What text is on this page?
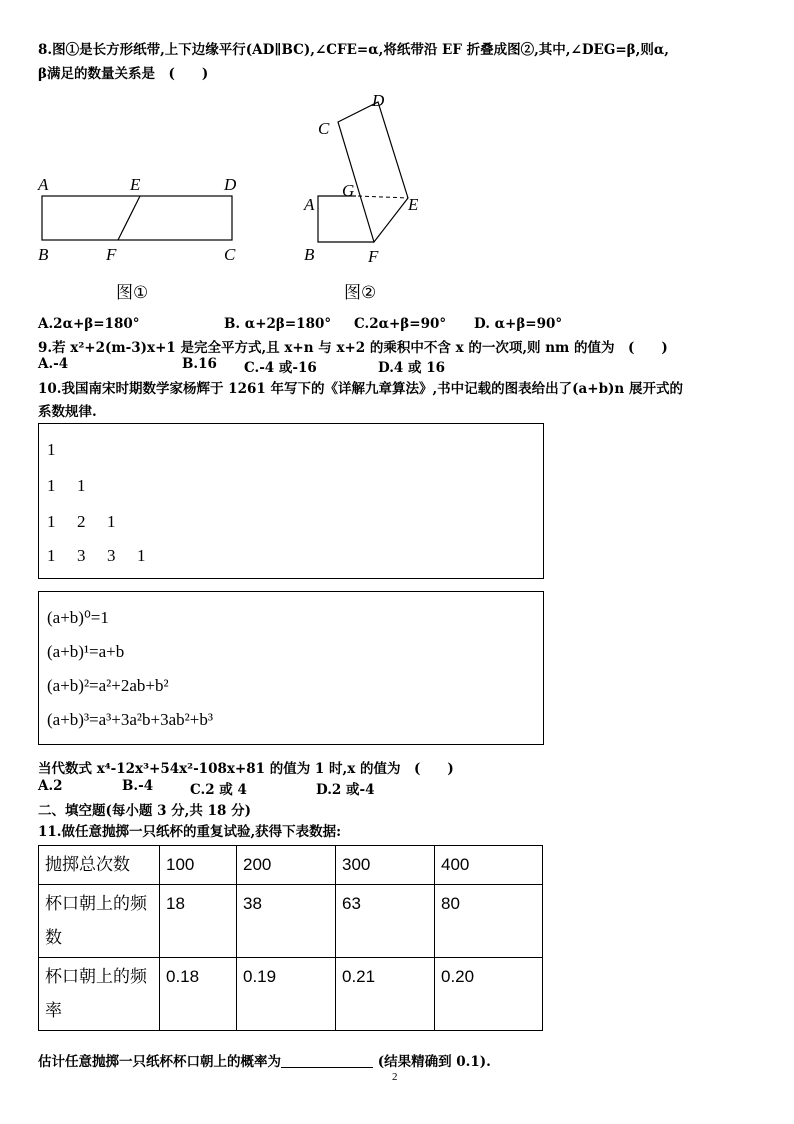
8.图①是长方形纸带,上下边缘平行(AD∥BC),∠CFE=α,将纸带沿 EF 折叠成图②,其中,∠DEG=β,则α,
β满足的数量关系是　(　　)
A	E	D
B	F	C
图①
D
C
G
A	E
B	F
图②
A.2α+β=180°	B. α+2β=180° C.2α+β=90° D. α+β=90°
9.若 x²+2(m-3)x+1 是完全平方式,且 x+n 与 x+2 的乘积中不含 x 的一次项,则 nm 的值为　(　　)
A.-4	B.16 C.-4 或-16	D.4 或 16
10.我国南宋时期数学家杨辉于 1261 年写下的《详解九章算法》,书中记载的图表给出了(a+b)n 展开式的
系数规律.
1
1 1
1 2 1
1 3 3 1
(a+b)⁰=1
(a+b)¹=a+b
(a+b)²=a²+2ab+b²
(a+b)³=a³+3a²b+3ab²+b³
当代数式 x⁴-12x³+54x²-108x+81 的值为 1 时,x 的值为　(　　)
A.2	B.-4	C.2 或 4	D.2 或-4
二、填空题(每小题 3 分,共 18 分)
11.做任意抛掷一只纸杯的重复试验,获得下表数据:
抛掷总次数	100	200	300	400
杯口朝上的频数	18	38	63	80
杯口朝上的频率	0.18	0.19	0.21	0.20
估计任意抛掷一只纸杯杯口朝上的概率为	(结果精确到 0.1).
2
